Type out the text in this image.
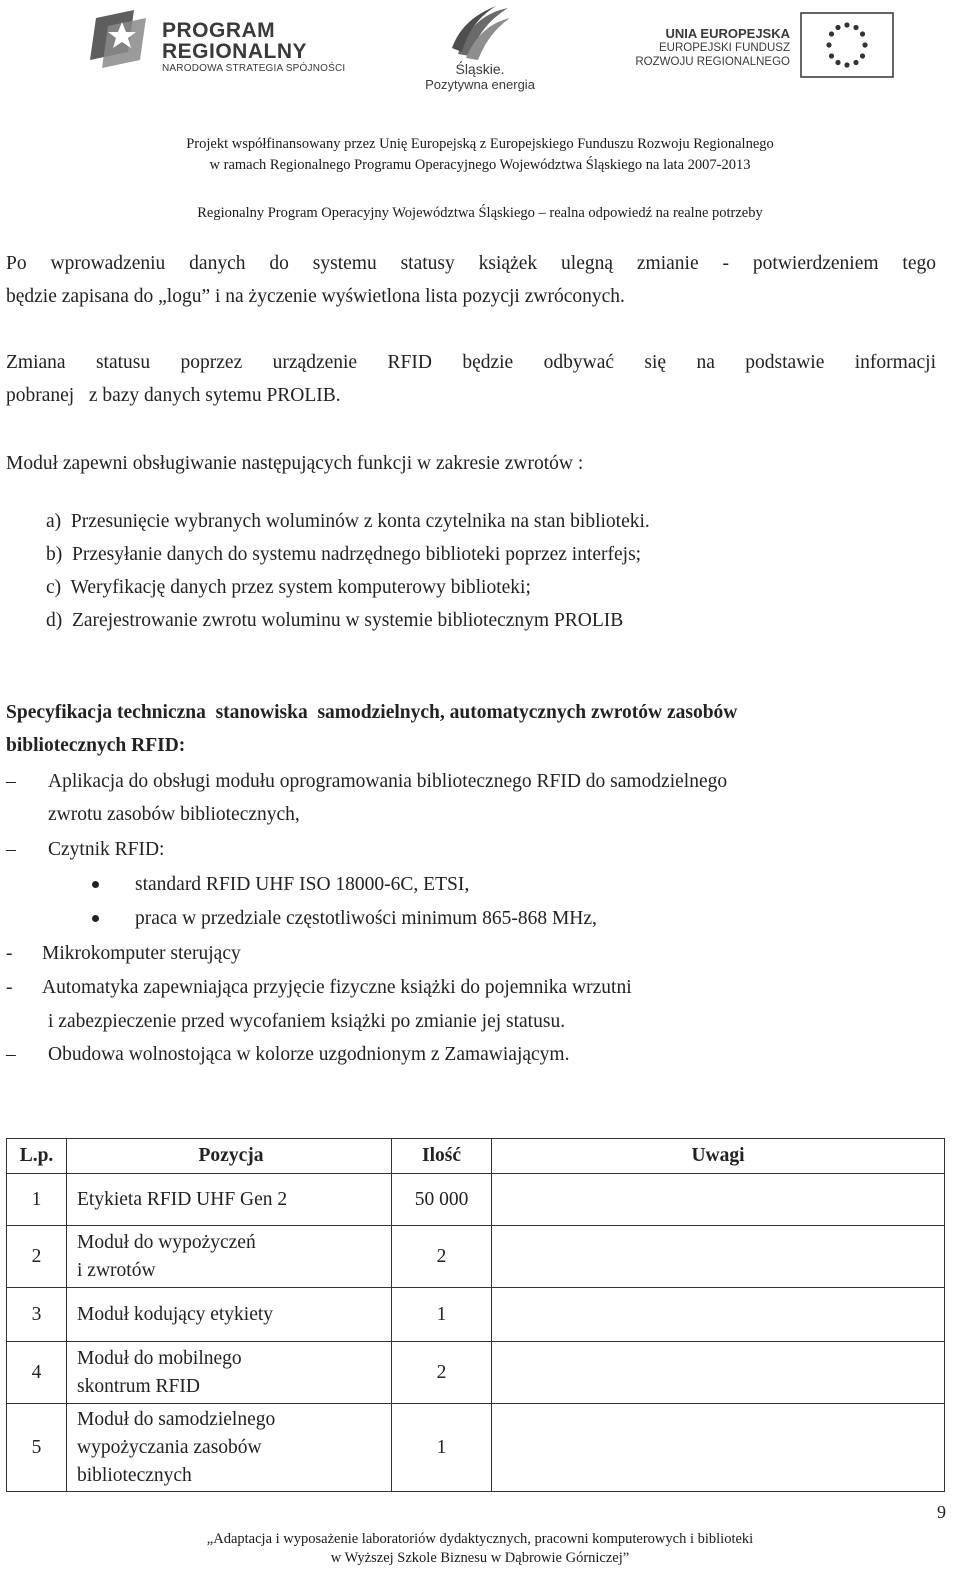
PROGRAM
REGIONALNY
NARODOWA STRATEGIA SPÓJNOŚCI	Śląskie.
Pozytywna energia
UNIA EUROPEJSKA
EUROPEJSKI FUNDUSZ
ROZWOJU REGIONALNEGO
Projekt współfinansowany przez Unię Europejską z Europejskiego Funduszu Rozwoju Regionalnego
w ramach Regionalnego Programu Operacyjnego Województwa Śląskiego na lata 2007-2013
Regionalny Program Operacyjny Województwa Śląskiego – realna odpowiedź na realne potrzeby
Po wprowadzeniu danych do systemu statusy książek ulegną zmianie - potwierdzeniem tego
będzie zapisana do „logu” i na życzenie wyświetlona lista pozycji zwróconych.
Zmiana statusu poprzez urządzenie RFID będzie odbywać się na podstawie informacji
pobranej   z bazy danych sytemu PROLIB.
Moduł zapewni obsługiwanie następujących funkcji w zakresie zwrotów :
a)  Przesunięcie wybranych woluminów z konta czytelnika na stan biblioteki.
b)  Przesyłanie danych do systemu nadrzędnego biblioteki poprzez interfejs;
c)  Weryfikację danych przez system komputerowy biblioteki;
d)  Zarejestrowanie zwrotu woluminu w systemie bibliotecznym PROLIB
Specyfikacja techniczna  stanowiska  samodzielnych, automatycznych zwrotów zasobów
bibliotecznych RFID:
– Aplikacja do obsługi modułu oprogramowania bibliotecznego RFID do samodzielnego
zwrotu zasobów bibliotecznych,
– Czytnik RFID:
standard RFID UHF ISO 18000-6C, ETSI,
praca w przedziale częstotliwości minimum 865-868 MHz,
- Mikrokomputer sterujący
- Automatyka zapewniająca przyjęcie fizyczne książki do pojemnika wrzutni
i zabezpieczenie przed wycofaniem książki po zmianie jej statusu.
– Obudowa wolnostojąca w kolorze uzgodnionym z Zamawiającym.
L.p.	Pozycja	Ilość	Uwagi
1	Etykieta RFID UHF Gen 2	50 000	
2	Moduł do wypożyczeń
i zwrotów	2	
3	Moduł kodujący etykiety	1	
4	Moduł do mobilnego
skontrum RFID	2	
5	Moduł do samodzielnego
wypożyczania zasobów
bibliotecznych	1	
9
„Adaptacja i wyposażenie laboratoriów dydaktycznych, pracowni komputerowych i biblioteki
w Wyższej Szkole Biznesu w Dąbrowie Górniczej”
